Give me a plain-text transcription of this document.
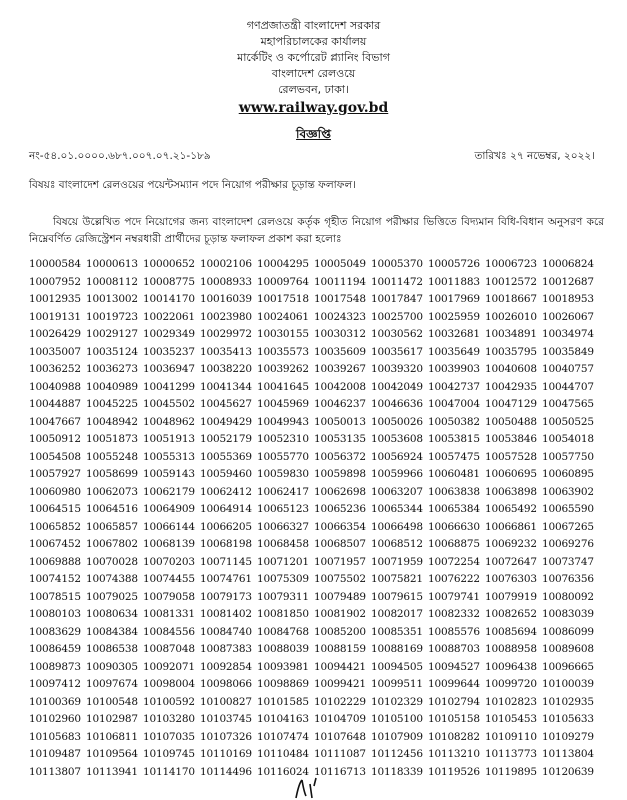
গণপ্রজাতন্ত্রী বাংলাদেশ সরকার
মহাপরিচালকের কার্যালয়
মার্কেটিং ও কর্পোরেট প্ল্যানিং বিভাগ
বাংলাদেশ রেলওয়ে
রেলভবন, ঢাকা।
www.railway.gov.bd
বিজ্ঞপ্তি
নং-৫৪.০১.০০০০.৬৮৭.০০৭.০৭.২১-১৮৯	তারিখঃ ২৭ নভেম্বর, ২০২২।
বিষয়ঃ বাংলাদেশ রেলওয়ের পয়েন্টসম্যান পদে নিয়োগ পরীক্ষার চূড়ান্ত ফলাফল।
বিষয়ে উল্লেখিত পদে নিয়োগের জন্য বাংলাদেশ রেলওয়ে কর্তৃক গৃহীত নিয়োগ পরীক্ষার ভিত্তিতে বিদ্যমান বিধি-বিধান অনুসরণ করে নিম্নেবর্ণিত রেজিস্ট্রেশন নম্বরধারী প্রার্থীদের চূড়ান্ত ফলাফল প্রকাশ করা হলোঃ
10000584 10000613 10000652 10002106 10004295 10005049 10005370 10005726 10006723 10006824
10007952 10008112 10008775 10008933 10009764 10011194 10011472 10011883 10012572 10012687
10012935 10013002 10014170 10016039 10017518 10017548 10017847 10017969 10018667 10018953
10019131 10019723 10022061 10023980 10024061 10024323 10025700 10025959 10026010 10026067
10026429 10029127 10029349 10029972 10030155 10030312 10030562 10032681 10034891 10034974
10035007 10035124 10035237 10035413 10035573 10035609 10035617 10035649 10035795 10035849
10036252 10036273 10036947 10038220 10039262 10039267 10039320 10039903 10040608 10040757
10040988 10040989 10041299 10041344 10041645 10042008 10042049 10042737 10042935 10044707
10044887 10045225 10045502 10045627 10045969 10046237 10046636 10047004 10047129 10047565
10047667 10048942 10048962 10049429 10049943 10050013 10050026 10050382 10050488 10050525
10050912 10051873 10051913 10052179 10052310 10053135 10053608 10053815 10053846 10054018
10054508 10055248 10055313 10055369 10055770 10056372 10056924 10057475 10057528 10057750
10057927 10058699 10059143 10059460 10059830 10059898 10059966 10060481 10060695 10060895
10060980 10062073 10062179 10062412 10062417 10062698 10063207 10063838 10063898 10063902
10064515 10064516 10064909 10064914 10065123 10065236 10065344 10065384 10065492 10065590
10065852 10065857 10066144 10066205 10066327 10066354 10066498 10066630 10066861 10067265
10067452 10067802 10068139 10068198 10068458 10068507 10068512 10068875 10069232 10069276
10069888 10070028 10070203 10071145 10071201 10071957 10071959 10072254 10072647 10073747
10074152 10074388 10074455 10074761 10075309 10075502 10075821 10076222 10076303 10076356
10078515 10079025 10079058 10079173 10079311 10079489 10079615 10079741 10079919 10080092
10080103 10080634 10081331 10081402 10081850 10081902 10082017 10082332 10082652 10083039
10083629 10084384 10084556 10084740 10084768 10085200 10085351 10085576 10085694 10086099
10086459 10086538 10087048 10087383 10088039 10088159 10088169 10088703 10088958 10089608
10089873 10090305 10092071 10092854 10093981 10094421 10094505 10094527 10096438 10096665
10097412 10097674 10098004 10098066 10098869 10099421 10099511 10099644 10099720 10100039
10100369 10100548 10100592 10100827 10101585 10102229 10102329 10102794 10102823 10102935
10102960 10102987 10103280 10103745 10104163 10104709 10105100 10105158 10105453 10105633
10105683 10106811 10107035 10107326 10107474 10107648 10107909 10108282 10109110 10109279
10109487 10109564 10109745 10110169 10110484 10111087 10112456 10113210 10113773 10113804
10113807 10113941 10114170 10114496 10116024 10116713 10118339 10119526 10119895 10120639
